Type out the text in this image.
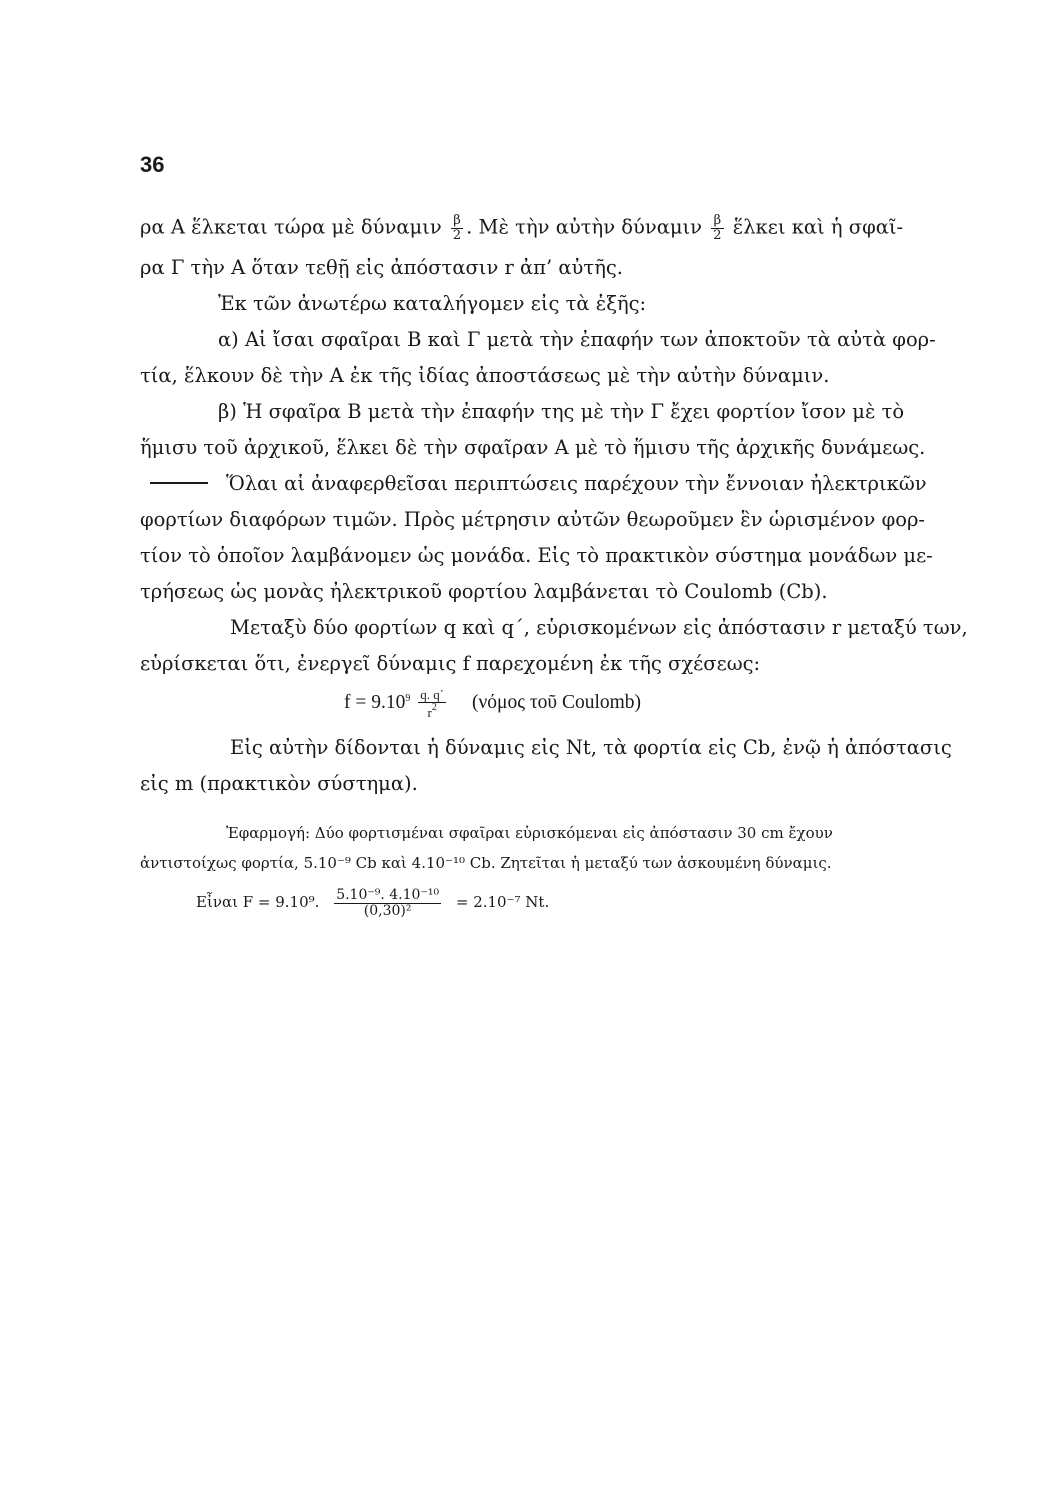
36
ρα Α ἕλκεται τώρα μὲ δύναμιν $\frac{\beta}{2}$ . Μὲ τὴν αὐτὴν δύναμιν $\frac{\beta}{2}$ ἕλκει καὶ ἡ σφαῖ-
ρα Γ τὴν Α ὅταν τεθῇ εἰς ἀπόστασιν r ἀπ’ αὐτῆς.
Ἐκ τῶν ἀνωτέρω καταλήγομεν εἰς τὰ ἑξῆς:
α) Αἱ ἴσαι σφαῖραι Β καὶ Γ μετὰ τὴν ἐπαφήν των ἀποκτοῦν τὰ αὐτὰ φορ-
τία, ἕλκουν δὲ τὴν Α ἐκ τῆς ἰδίας ἀποστάσεως μὲ τὴν αὐτὴν δύναμιν.
β) Ἡ σφαῖρα Β μετὰ τὴν ἐπαφήν της μὲ τὴν Γ ἔχει φορτίον ἴσον μὲ τὸ
ἥμισυ τοῦ ἀρχικοῦ, ἕλκει δὲ τὴν σφαῖραν Α μὲ τὸ ἥμισυ τῆς ἀρχικῆς δυνάμεως.
Ὅλαι αἱ ἀναφερθεῖσαι περιπτώσεις παρέχουν τὴν ἔννοιαν ἠλεκτρικῶν
φορτίων διαφόρων τιμῶν. Πρὸς μέτρησιν αὐτῶν θεωροῦμεν ἓν ὡρισμένον φορ-
τίον τὸ ὁποῖον λαμβάνομεν ὡς μονάδα. Εἰς τὸ πρακτικὸν σύστημα μονάδων με-
τρήσεως ὡς μονὰς ἠλεκτρικοῦ φορτίου λαμβάνεται τὸ Coulomb (Cb).
Μεταξὺ δύο φορτίων q καὶ q΄, εὑρισκομένων εἰς ἀπόστασιν r μεταξύ των,
εὑρίσκεται ὅτι, ἐνεργεῖ δύναμις f παρεχομένη ἐκ τῆς σχέσεως:
$f = 9.10^9 \frac{q. q΄}{r^2} (\nu ό\mu o\varsigma$ τοῦ Coulomb)
Εἰς αὐτὴν δίδονται ἡ δύναμις εἰς Nt, τὰ φορτία εἰς Cb, ἐνῷ ἡ ἀπόστασις
εἰς m (πρακτικὸν σύστημα).
Ἐφαρμογή: Δύο φορτισμέναι σφαῖραι εὑρισκόμεναι εἰς ἀπόστασιν 30 cm ἔχουν
ἀντιστοίχως φορτία, 5.10⁻⁹ Cb καὶ 4.10⁻¹⁰ Cb. Ζητεῖται ἡ μεταξύ των ἀσκουμένη δύναμις.
Εἶναι F = 9.10⁹. $\frac{\text{5.10⁻⁹. 4.10⁻¹⁰}}{\text{(0,30)²}} = 2.10^{-7}$ Nt.
